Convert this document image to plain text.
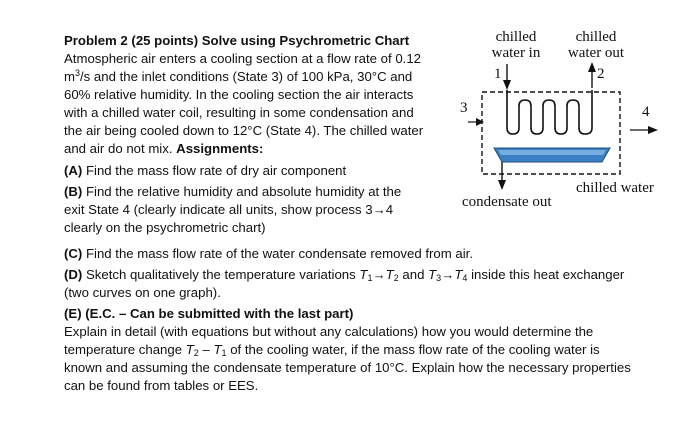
Problem 2 (25 points) Solve using Psychrometric Chart
Atmospheric air enters a cooling section at a flow rate of 0.12
$m^3/s$ and the inlet conditions (State 3) of 100 kPa, 30°C and
60% relative humidity. In the cooling section the air interacts
with a chilled water coil, resulting in some condensation and
the air being cooled down to 12°C (State 4). The chilled water
and air do not mix. Assignments:
(A) Find the mass flow rate of dry air component
(B) Find the relative humidity and absolute humidity at the
exit State 4 (clearly indicate all units, show process 3→4
clearly on the psychrometric chart)
(C) Find the mass flow rate of the water condensate removed from air.
(D) Sketch qualitatively the temperature variations $T_1\to T_2$ and $T_3\to T_4$ inside this heat exchanger
(two curves on one graph).
(E) (E.C. – Can be submitted with the last part)
Explain in detail (with equations but without any calculations) how you would determine the
temperature change $T_2 - T_1$ of the cooling water, if the mass flow rate of the cooling water is
known and assuming the condensate temperature of 10°C. Explain how the necessary properties
can be found from tables or EES.
chilled
water in
chilled
water out
1	2
3	4
chilled water
condensate out
